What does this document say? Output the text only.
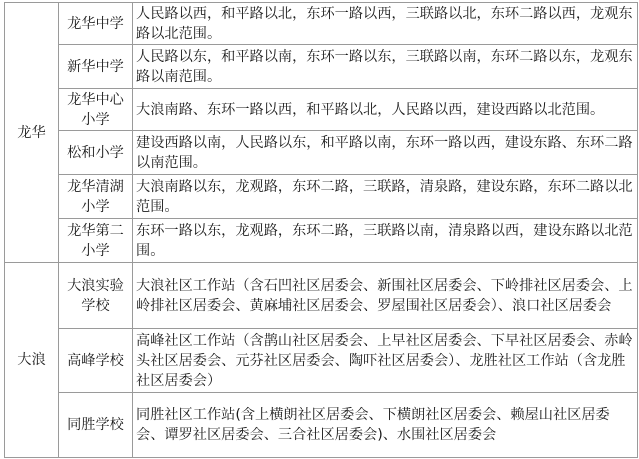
龙华	龙华中学	人民路以西，和平路以北，东环一路以西，三联路以北，东环二路以西，龙观东路以北范围。
	新华中学	人民路以东，和平路以南，东环一路以东，三联路以南，东环二路以东，龙观东路以南范围。
	龙华中心小学	大浪南路、东环一路以西，和平路以北，人民路以西，建设西路以北范围。
	松和小学	建设西路以南，人民路以东，和平路以南，东环一路以西，建设东路、东环二路以南范围。
	龙华清湖小学	大浪南路以东，龙观路，东环二路，三联路，清泉路，建设东路，东环二路以北范围。
	龙华第二小学	东环一路以东，龙观路，东环二路，三联路以南，清泉路以西，建设东路以北范围。
大浪	大浪实验学校	大浪社区工作站（含石凹社区居委会、新围社区居委会、下岭排社区居委会、上岭排社区居委会、黄麻埔社区居委会、罗屋围社区居委会）、浪口社区居委会
	高峰学校	高峰社区工作站（含鹊山社区居委会、上早社区居委会、下早社区居委会、赤岭头社区居委会、元芬社区居委会、陶吓社区居委会）、龙胜社区工作站（含龙胜社区居委会）
	同胜学校	同胜社区工作站(含上横朗社区居委会、下横朗社区居委会、赖屋山社区居委会、谭罗社区居委会、三合社区居委会)、水围社区居委会
